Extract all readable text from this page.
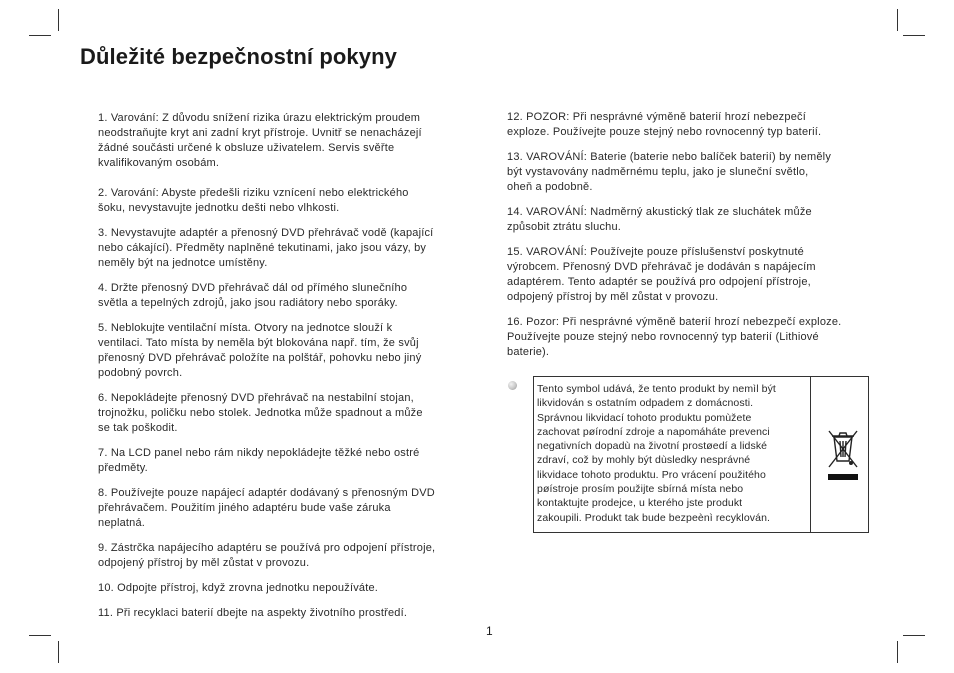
Důležité bezpečnostní pokyny

1. Varování: Z důvodu snížení rizika úrazu elektrickým proudem
neodstraňujte kryt ani zadní kryt přístroje. Uvnitř se nenacházejí
žádné součásti určené k obsluze uživatelem. Servis svěřte
kvalifikovaným osobám.

2. Varování: Abyste předešli riziku vznícení nebo elektrického
šoku, nevystavujte jednotku dešti nebo vlhkosti.

3. Nevystavujte adaptér a přenosný DVD přehrávač vodě (kapající
nebo cákající). Předměty naplněné tekutinami, jako jsou vázy, by
neměly být na jednotce umístěny.

4. Držte přenosný DVD přehrávač dál od přímého slunečního
světla a tepelných zdrojů, jako jsou radiátory nebo sporáky.

5. Neblokujte ventilační místa. Otvory na jednotce slouží k
ventilaci. Tato místa by neměla být blokována např. tím, že svůj
přenosný DVD přehrávač položíte na polštář, pohovku nebo jiný
podobný povrch.

6. Nepokládejte přenosný DVD přehrávač na nestabilní stojan,
trojnožku, poličku nebo stolek. Jednotka může spadnout a může
se tak poškodit.

7. Na LCD panel nebo rám nikdy nepokládejte těžké nebo ostré
předměty.

8. Používejte pouze napájecí adaptér dodávaný s přenosným DVD
přehrávačem. Použitím jiného adaptéru bude vaše záruka
neplatná.

9. Zástrčka napájecího adaptéru se používá pro odpojení přístroje,
odpojený přístroj by měl zůstat v provozu.

10. Odpojte přístroj, když zrovna jednotku nepoužíváte.

11. Při recyklaci baterií dbejte na aspekty životního prostředí.

12. POZOR: Při nesprávné výměně baterií hrozí nebezpečí
exploze. Používejte pouze stejný nebo rovnocenný typ baterií.

13. VAROVÁNÍ: Baterie (baterie nebo balíček baterií) by neměly
být vystavovány nadměrnému teplu, jako je sluneční světlo,
oheň a podobně.

14. VAROVÁNÍ: Nadměrný akustický tlak ze sluchátek může
způsobit ztrátu sluchu.

15. VAROVÁNÍ: Používejte pouze příslušenství poskytnuté
výrobcem. Přenosný DVD přehrávač je dodáván s napájecím
adaptérem. Tento adaptér se používá pro odpojení přístroje,
odpojený přístroj by měl zůstat v provozu.

16. Pozor: Při nesprávné výměně baterií hrozí nebezpečí exploze.
Používejte pouze stejný nebo rovnocenný typ baterií (Lithiové
baterie).

Tento symbol udává, že tento produkt by nemìl být
likvidován s ostatním odpadem z domácnosti.
Správnou likvidací tohoto produktu pomùžete
zachovat pøírodní zdroje a napomáháte prevenci
negativních dopadù na životní prostøedí a lidské
zdraví, což by mohly být dùsledky nesprávné
likvidace tohoto produktu. Pro vrácení použitého
pøístroje prosím použijte sbírná místa nebo
kontaktujte prodejce, u kterého jste produkt
zakoupili. Produkt tak bude bezpeènì recyklován.
1
